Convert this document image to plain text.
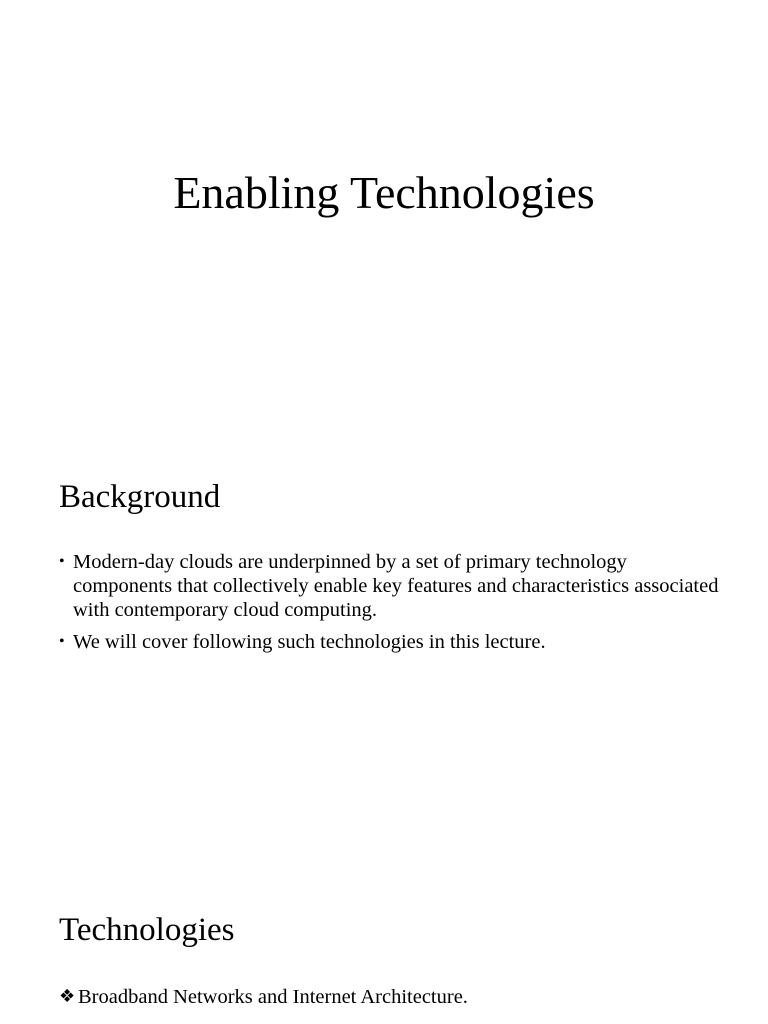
Enabling Technologies
Background
• Modern-day clouds are underpinned by a set of primary technology components that collectively enable key features and characteristics associated with contemporary cloud computing.
• We will cover following such technologies in this lecture.
Technologies
❖ Broadband Networks and Internet Architecture.
